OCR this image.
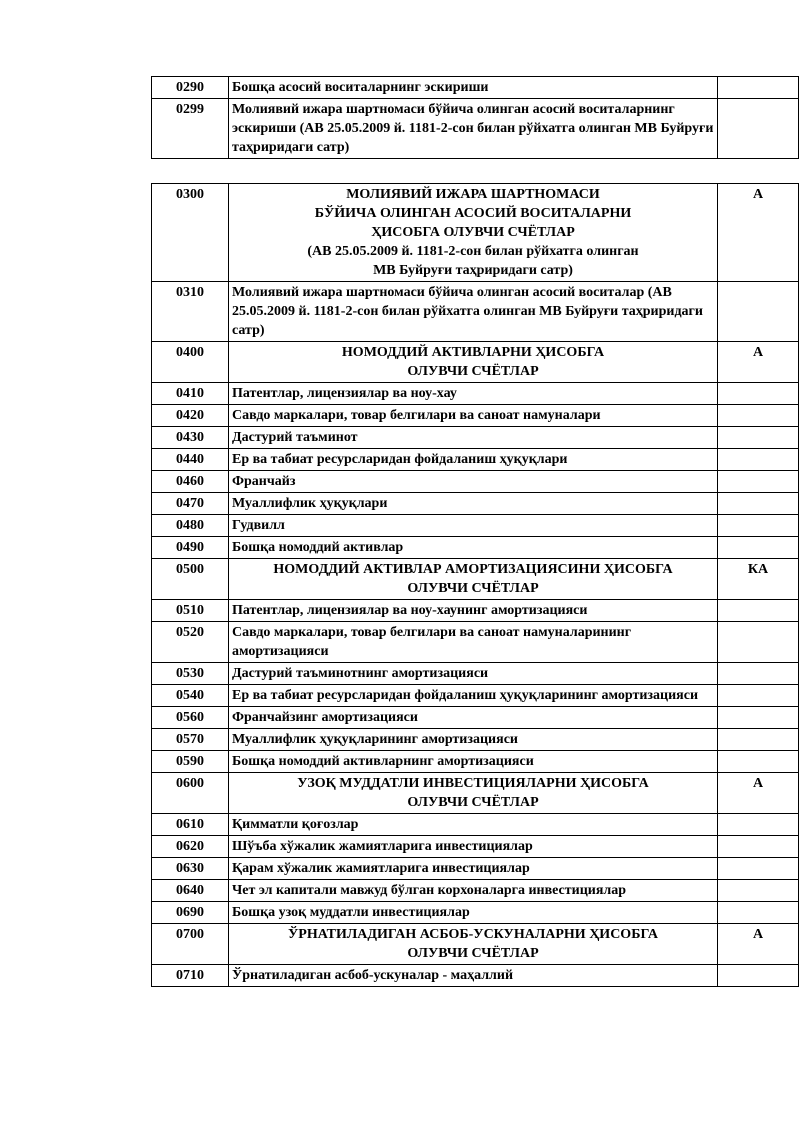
0290	Бошқа асосий воситаларнинг эскириши	
0299	Молиявий ижара шартномаси бўйича олинган асосий воситаларнинг эскириши (АВ 25.05.2009 й. 1181-2-сон билан рўйхатга олинган МВ Буйруғи таҳриридаги сатр)	
0300	МОЛИЯВИЙ ИЖАРА ШАРТНОМАСИ
БЎЙИЧА ОЛИНГАН АСОСИЙ ВОСИТАЛАРНИ
ҲИСОБГА ОЛУВЧИ СЧЁТЛАР
(АВ 25.05.2009 й. 1181-2-сон билан рўйхатга олинган
МВ Буйруғи таҳриридаги сатр)	А
0310	Молиявий ижара шартномаси бўйича олинган асосий воситалар (АВ 25.05.2009 й. 1181-2-сон билан рўйхатга олинган МВ Буйруғи таҳриридаги сатр)	
0400	НОМОДДИЙ АКТИВЛАРНИ ҲИСОБГА
ОЛУВЧИ СЧЁТЛАР	А
0410	Патентлар, лицензиялар ва ноу-хау	
0420	Савдо маркалари, товар белгилари ва саноат намуналари	
0430	Дастурий таъминот	
0440	Ер ва табиат ресурсларидан фойдаланиш ҳуқуқлари	
0460	Франчайз	
0470	Муаллифлик ҳуқуқлари	
0480	Гудвилл	
0490	Бошқа номоддий активлар	
0500	НОМОДДИЙ АКТИВЛАР АМОРТИЗАЦИЯСИНИ ҲИСОБГА
ОЛУВЧИ СЧЁТЛАР	КА
0510	Патентлар, лицензиялар ва ноу-хаунинг амортизацияси	
0520	Савдо маркалари, товар белгилари ва саноат намуналарининг амортизацияси	
0530	Дастурий таъминотнинг амортизацияси	
0540	Ер ва табиат ресурсларидан фойдаланиш ҳуқуқларининг амортизацияси	
0560	Франчайзинг амортизацияси	
0570	Муаллифлик ҳуқуқларининг амортизацияси	
0590	Бошқа номоддий активларнинг амортизацияси	
0600	УЗОҚ МУДДАТЛИ ИНВЕСТИЦИЯЛАРНИ ҲИСОБГА
ОЛУВЧИ СЧЁТЛАР	А
0610	Қимматли қоғозлар	
0620	Шўъба хўжалик жамиятларига инвестициялар	
0630	Қарам хўжалик жамиятларига инвестициялар	
0640	Чет эл капитали мавжуд бўлган корхоналарга инвестициялар	
0690	Бошқа узоқ муддатли инвестициялар	
0700	ЎРНАТИЛАДИГАН АСБОБ-УСКУНАЛАРНИ ҲИСОБГА
ОЛУВЧИ СЧЁТЛАР	А
0710	Ўрнатиладиган асбоб-ускуналар - маҳаллий	
